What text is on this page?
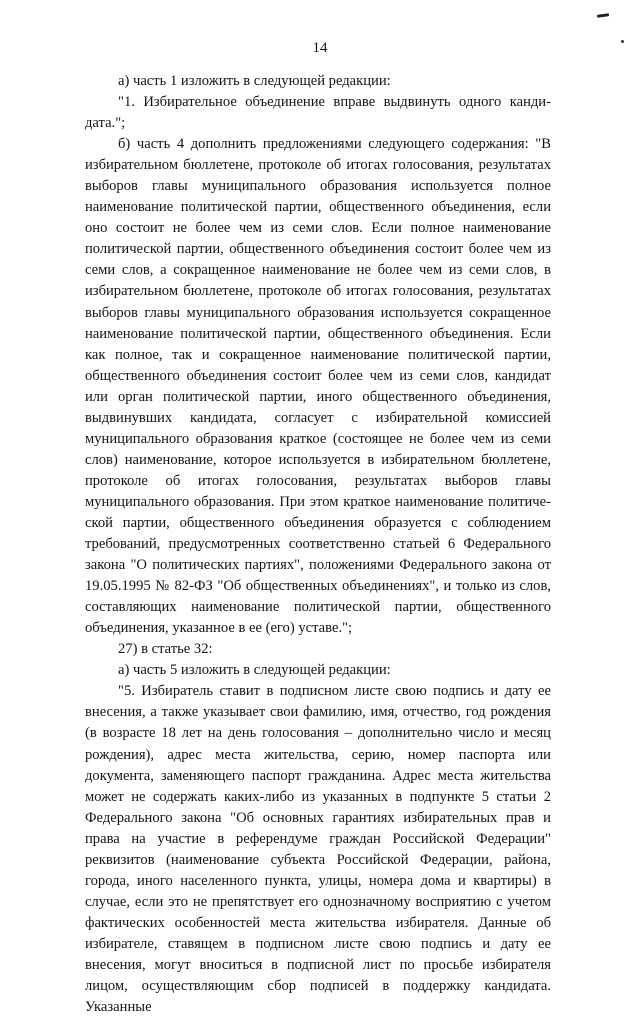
14

а) часть 1 изложить в следующей редакции:

"1. Избирательное объединение вправе выдвинуть одного кандидата.";

б) часть 4 дополнить предложениями следующего содержания: "В избирательном бюллетене, протоколе об итогах голосования, результатах выборов главы муниципального образования используется полное наименование политической партии, общественного объединения, если оно состоит не более чем из семи слов. Если полное наименование политической партии, общественного объединения состоит более чем из семи слов, а сокращенное наименование не более чем из семи слов, в избирательном бюллетене, протоколе об итогах голосования, результатах выборов главы муниципального образования используется сокращенное наименование политической партии, общественного объединения. Если как полное, так и сокращенное наименование политической партии, общественного объединения состоит более чем из семи слов, кандидат или орган политической партии, иного общественного объединения, выдвинувших кандидата, согласует с избирательной комиссией муниципального образования краткое (состоящее не более чем из семи слов) наименование, которое используется в избирательном бюллетене, протоколе об итогах голосования, результатах выборов главы муниципального образования. При этом краткое наименование политической партии, общественного объединения образуется с соблюдением требований, предусмотренных соответственно статьей 6 Федерального закона "О политических партиях", положениями Федерального закона от 19.05.1995 № 82-ФЗ "Об общественных объединениях", и только из слов, составляющих наименование политической партии, общественного объединения, указанное в ее (его) уставе.";

27) в статье 32:

а) часть 5 изложить в следующей редакции:

"5. Избиратель ставит в подписном листе свою подпись и дату ее внесения, а также указывает свои фамилию, имя, отчество, год рождения (в возрасте 18 лет на день голосования – дополнительно число и месяц рождения), адрес места жительства, серию, номер паспорта или документа, заменяющего паспорт гражданина. Адрес места жительства может не содержать каких-либо из указанных в подпункте 5 статьи 2 Федерального закона "Об основных гарантиях избирательных прав и права на участие в референдуме граждан Российской Федерации" реквизитов (наименование субъекта Российской Федерации, района, города, иного населенного пункта, улицы, номера дома и квартиры) в случае, если это не препятствует его однозначному восприятию с учетом фактических особенностей места жительства избирателя. Данные об избирателе, ставящем в подписном листе свою подпись и дату ее внесения, могут вноситься в подписной лист по просьбе избирателя лицом, осуществляющим сбор подписей в поддержку кандидата. Указанные
